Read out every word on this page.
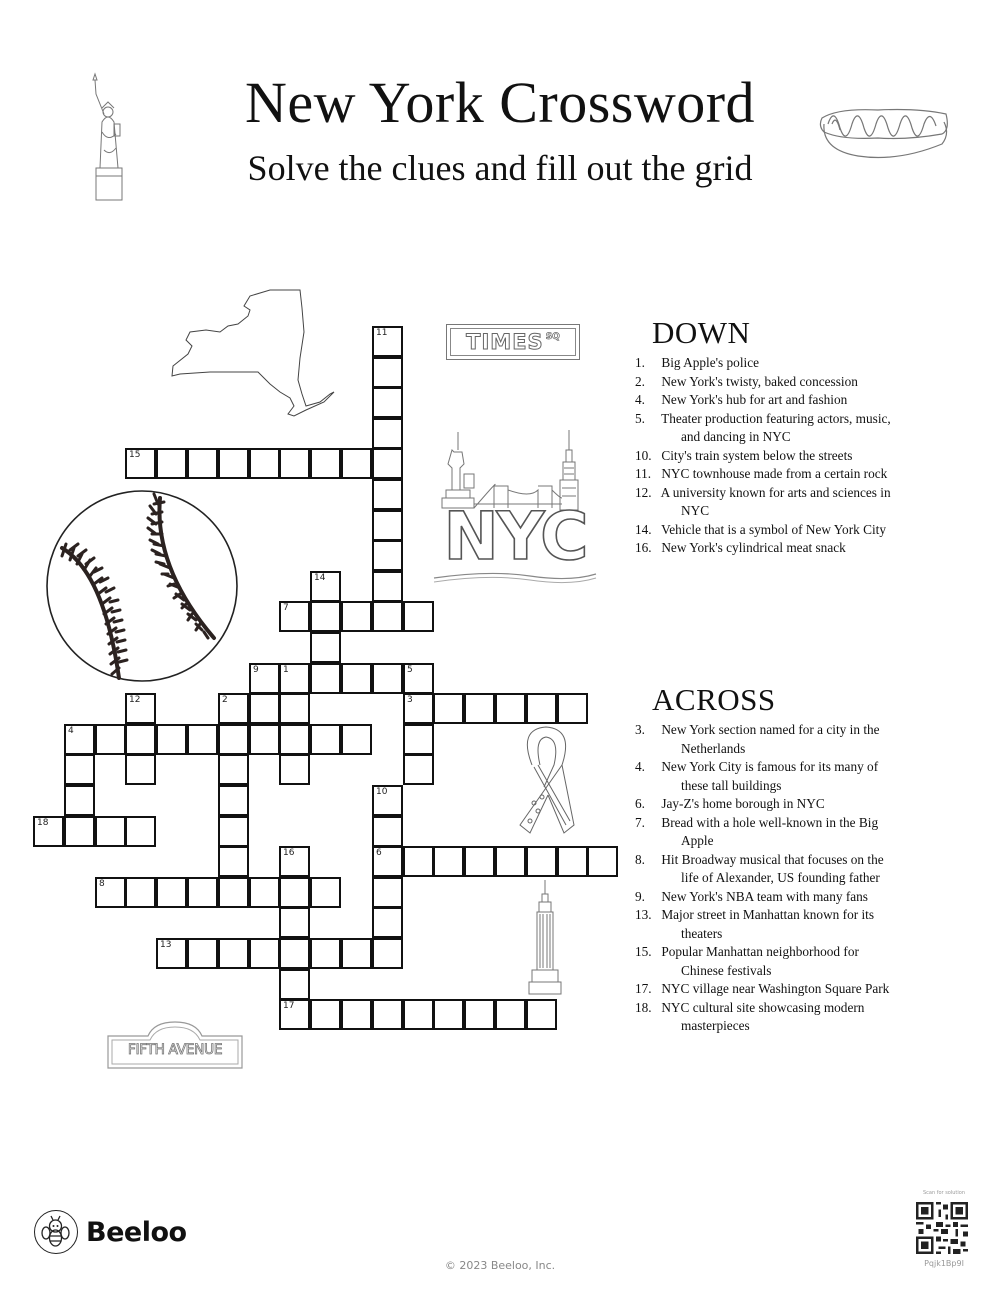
New York Crossword
Solve the clues and fill out the grid
TIMES SQ
NYC
FIFTH AVENUE
11
15
14
7
9	1	5
12	2	3
4
10
18
16	6
8
13
17
DOWN
1. Big Apple's police
2. New York's twisty, baked concession
4. New York's hub for art and fashion
5. Theater production featuring actors, music, and dancing in NYC
10. City's train system below the streets
11. NYC townhouse made from a certain rock
12. A university known for arts and sciences in NYC
14. Vehicle that is a symbol of New York City
16. New York's cylindrical meat snack
ACROSS
3. New York section named for a city in the Netherlands
4. New York City is famous for its many of these tall buildings
6. Jay-Z's home borough in NYC
7. Bread with a hole well-known in the Big Apple
8. Hit Broadway musical that focuses on the life of Alexander, US founding father
9. New York's NBA team with many fans
13. Major street in Manhattan known for its theaters
15. Popular Manhattan neighborhood for Chinese festivals
17. NYC village near Washington Square Park
18. NYC cultural site showcasing modern masterpieces
Beeloo
© 2023 Beeloo, Inc.
Scan for solution
Pqjk1Bp9I
